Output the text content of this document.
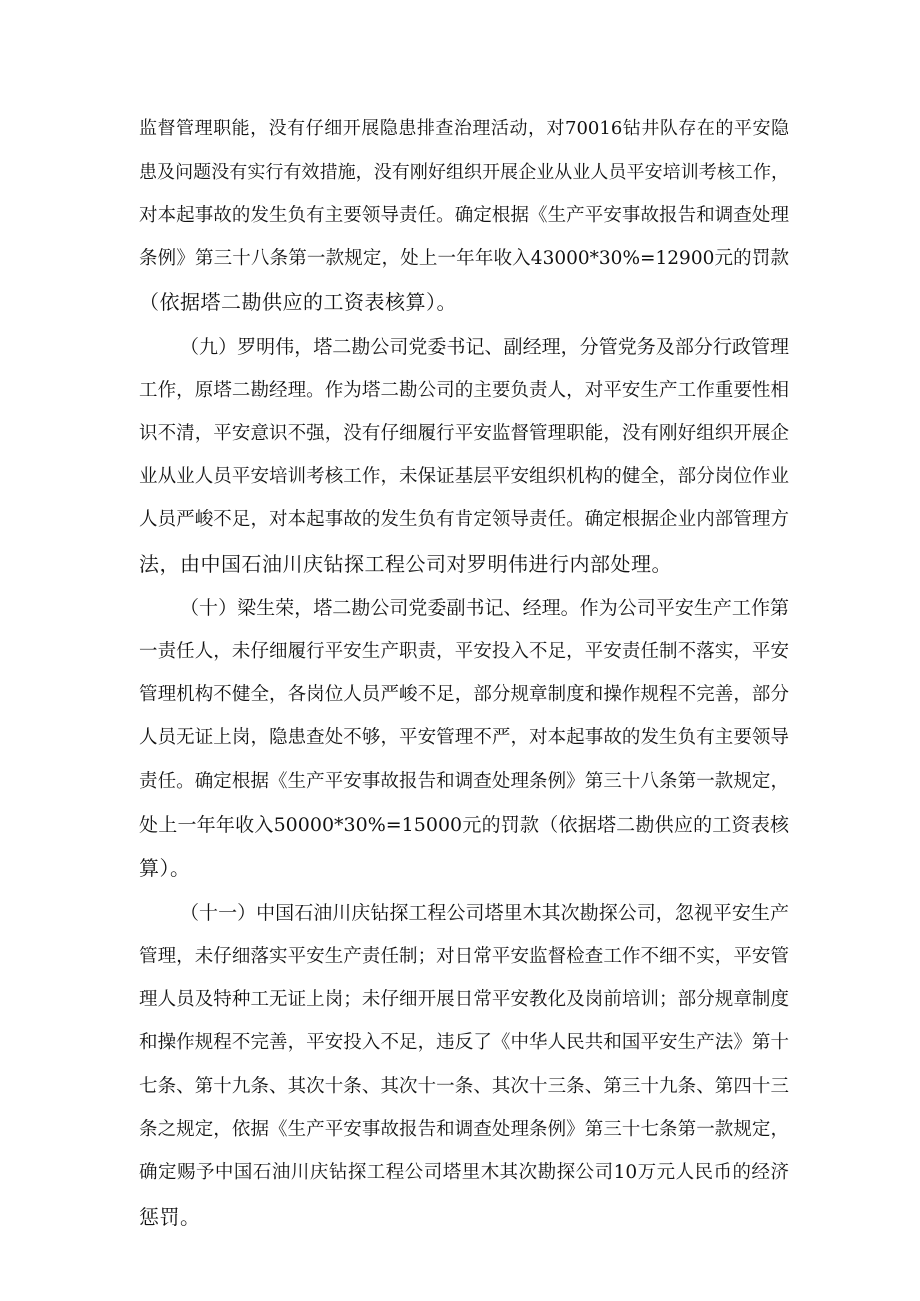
监督管理职能，没有仔细开展隐患排查治理活动，对70016钻井队存在的平安隐
患及问题没有实行有效措施，没有刚好组织开展企业从业人员平安培训考核工作，
对本起事故的发生负有主要领导责任。确定根据《生产平安事故报告和调查处理
条例》第三十八条第一款规定，处上一年年收入43000*30%=12900元的罚款
（依据塔二勘供应的工资表核算）。
（九）罗明伟，塔二勘公司党委书记、副经理，分管党务及部分行政管理
工作，原塔二勘经理。作为塔二勘公司的主要负责人，对平安生产工作重要性相
识不清，平安意识不强，没有仔细履行平安监督管理职能，没有刚好组织开展企
业从业人员平安培训考核工作，未保证基层平安组织机构的健全，部分岗位作业
人员严峻不足，对本起事故的发生负有肯定领导责任。确定根据企业内部管理方
法，由中国石油川庆钻探工程公司对罗明伟进行内部处理。
（十）梁生荣，塔二勘公司党委副书记、经理。作为公司平安生产工作第
一责任人，未仔细履行平安生产职责，平安投入不足，平安责任制不落实，平安
管理机构不健全，各岗位人员严峻不足，部分规章制度和操作规程不完善，部分
人员无证上岗，隐患查处不够，平安管理不严，对本起事故的发生负有主要领导
责任。确定根据《生产平安事故报告和调查处理条例》第三十八条第一款规定，
处上一年年收入50000*30%=15000元的罚款（依据塔二勘供应的工资表核
算）。
（十一）中国石油川庆钻探工程公司塔里木其次勘探公司，忽视平安生产
管理，未仔细落实平安生产责任制；对日常平安监督检查工作不细不实，平安管
理人员及特种工无证上岗；未仔细开展日常平安教化及岗前培训；部分规章制度
和操作规程不完善，平安投入不足，违反了《中华人民共和国平安生产法》第十
七条、第十九条、其次十条、其次十一条、其次十三条、第三十九条、第四十三
条之规定，依据《生产平安事故报告和调查处理条例》第三十七条第一款规定，
确定赐予中国石油川庆钻探工程公司塔里木其次勘探公司10万元人民币的经济
惩罚。
